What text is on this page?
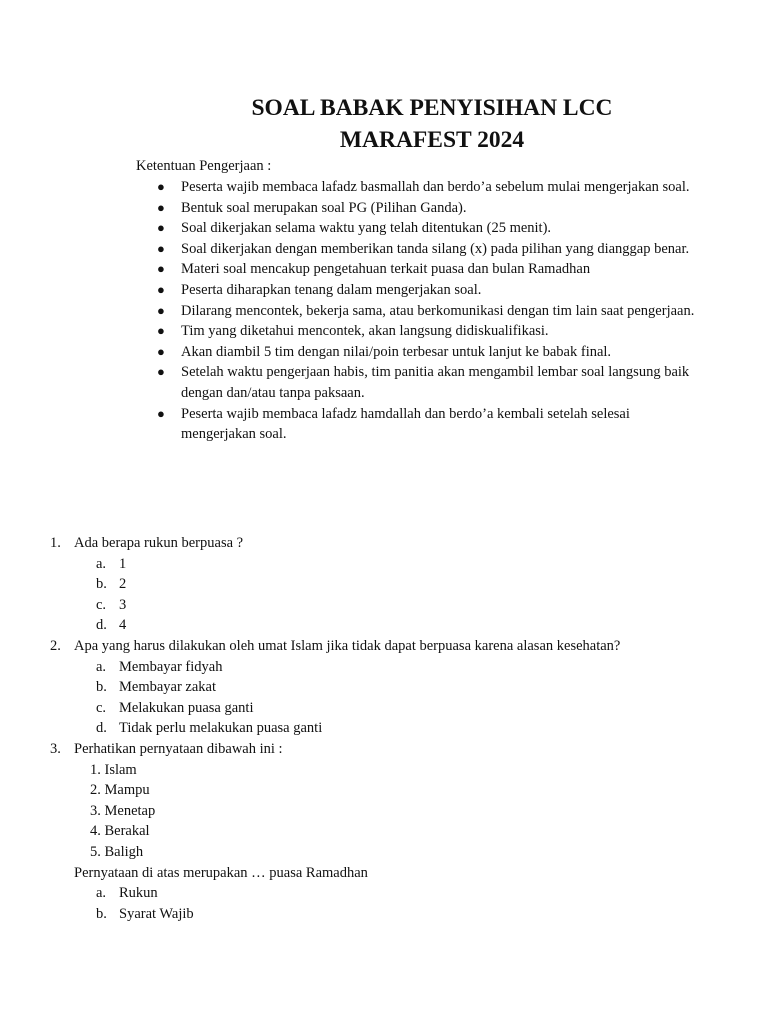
SOAL BABAK PENYISIHAN LCC
MARAFEST 2024
Ketentuan Pengerjaan :
● Peserta wajib membaca lafadz basmallah dan berdo’a sebelum mulai mengerjakan soal.
● Bentuk soal merupakan soal PG (Pilihan Ganda).
● Soal dikerjakan selama waktu yang telah ditentukan (25 menit).
● Soal dikerjakan dengan memberikan tanda silang (x) pada pilihan yang dianggap benar.
● Materi soal mencakup pengetahuan terkait puasa dan bulan Ramadhan
● Peserta diharapkan tenang dalam mengerjakan soal.
● Dilarang mencontek, bekerja sama, atau berkomunikasi dengan tim lain saat pengerjaan.
● Tim yang diketahui mencontek, akan langsung didiskualifikasi.
● Akan diambil 5 tim dengan nilai/poin terbesar untuk lanjut ke babak final.
● Setelah waktu pengerjaan habis, tim panitia akan mengambil lembar soal langsung baik dengan dan/atau tanpa paksaan.
● Peserta wajib membaca lafadz hamdallah dan berdo’a kembali setelah selesai mengerjakan soal.
1. Ada berapa rukun berpuasa ?
a. 1
b. 2
c. 3
d. 4
2. Apa yang harus dilakukan oleh umat Islam jika tidak dapat berpuasa karena alasan kesehatan?
a. Membayar fidyah
b. Membayar zakat
c. Melakukan puasa ganti
d. Tidak perlu melakukan puasa ganti
3. Perhatikan pernyataan dibawah ini :
1. Islam
2. Mampu
3. Menetap
4. Berakal
5. Baligh
Pernyataan di atas merupakan … puasa Ramadhan
a. Rukun
b. Syarat Wajib
